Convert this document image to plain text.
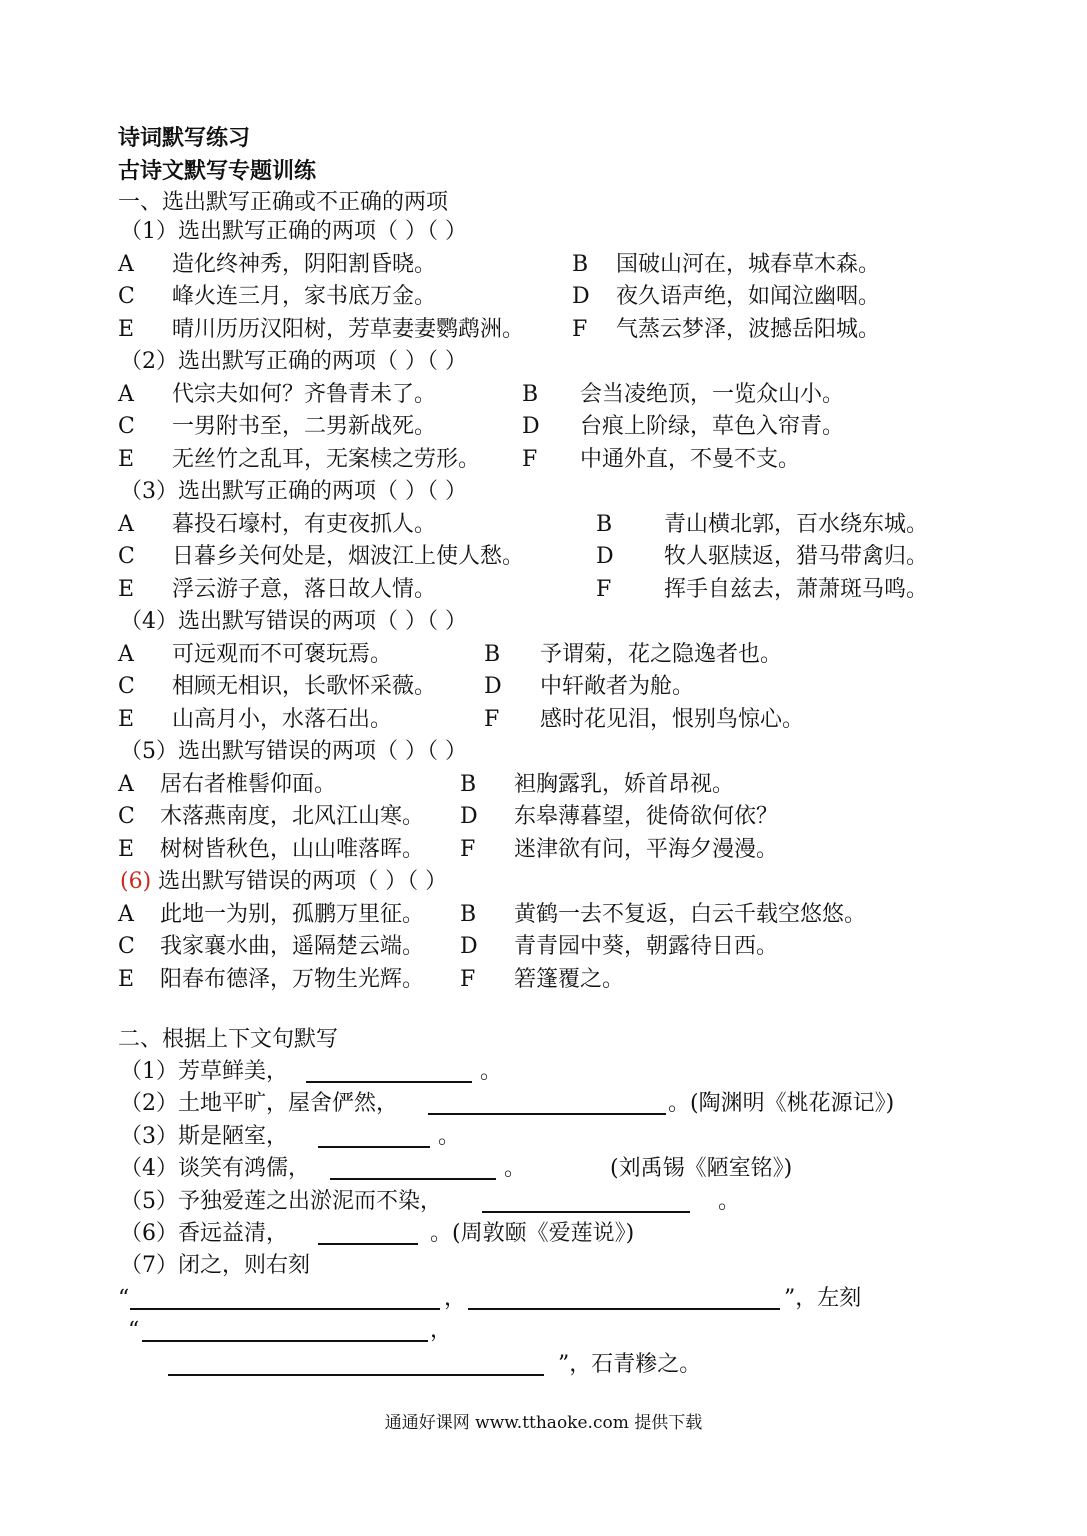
诗词默写练习
古诗文默写专题训练
一、选出默写正确或不正确的两项
（1）选出默写正确的两项（ ）（ ）
A 造化终神秀，阴阳割昏晓。	B 国破山河在，城春草木森。
C 峰火连三月，家书底万金。	D 夜久语声绝，如闻泣幽咽。
E 晴川历历汉阳树，芳草妻妻鹦鹉洲。 F 气蒸云梦泽，波撼岳阳城。
（2）选出默写正确的两项（ ）（ ）
A 代宗夫如何？齐鲁青未了。	B 会当凌绝顶，一览众山小。
C 一男附书至，二男新战死。	D 台痕上阶绿，草色入帘青。
E 无丝竹之乱耳，无案椟之劳形。 F 中通外直，不曼不支。
（3）选出默写正确的两项（ ）（ ）
A 暮投石壕村，有吏夜抓人。	B 青山横北郭，百水绕东城。
C 日暮乡关何处是，烟波江上使人愁。	D 牧人驱牍返，猎马带禽归。
E 浮云游子意，落日故人情。	F 挥手自兹去，萧萧斑马鸣。
（4）选出默写错误的两项（ ）（ ）
A 可远观而不可褒玩焉。	B 予谓菊，花之隐逸者也。
C 相顾无相识，长歌怀采薇。 D 中轩敞者为舱。
E 山高月小，水落石出。	F 感时花见泪，恨别鸟惊心。
（5）选出默写错误的两项（ ）（ ）
A 居右者椎髻仰面。	B 袒胸露乳，娇首昂视。
C 木落燕南度，北风江山寒。 D 东皋薄暮望，徙倚欲何依？
E 树树皆秋色，山山唯落晖。 F 迷津欲有问，平海夕漫漫。
(6) 选出默写错误的两项（ ）（ ）
A 此地一为别，孤鹏万里征。 B 黄鹤一去不复返，白云千载空悠悠。
C 我家襄水曲，遥隔楚云端。 D 青青园中葵，朝露待日西。
E 阳春布德泽，万物生光辉。 F 箬篷覆之。
二、根据上下文句默写
（1）芳草鲜美，	。
（2）土地平旷，屋舍俨然，	。(陶渊明《桃花源记》)
（3）斯是陋室，	。
（4）谈笑有鸿儒，	。	(刘禹锡《陋室铭》)
（5）予独爱莲之出淤泥而不染，	。
（6）香远益清，	。(周敦颐《爱莲说》)
（7）闭之，则右刻
“	，	”，左刻
“	，
”，石青糁之。
通通好课网 www.tthaoke.com 提供下载
